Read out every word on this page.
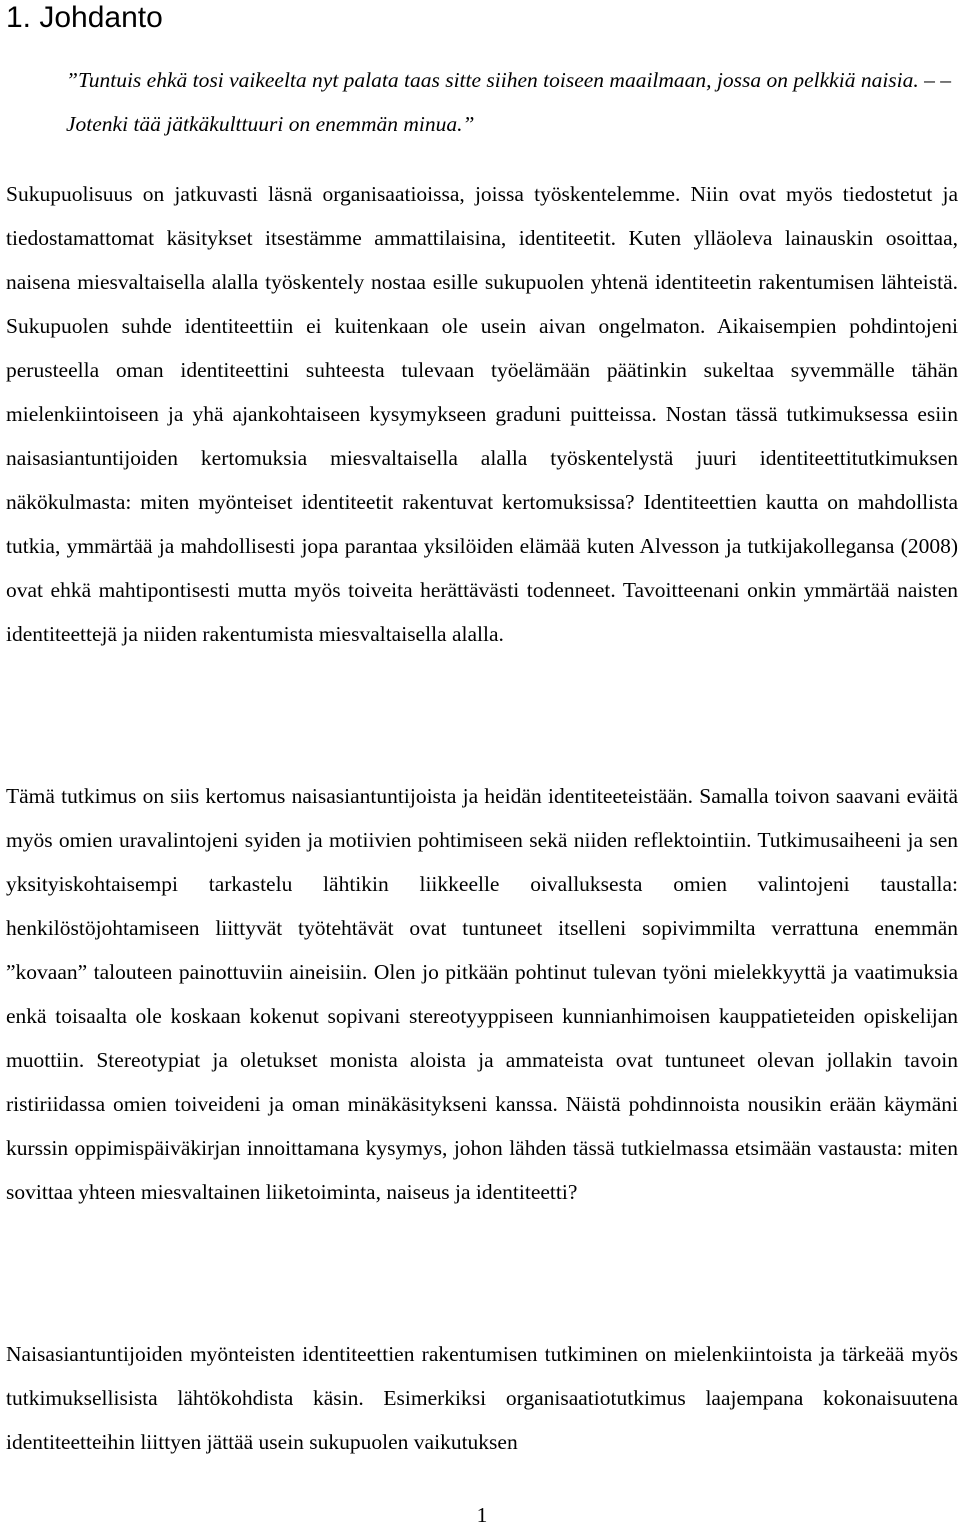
1. Johdanto

”Tuntuis ehkä tosi vaikeelta nyt palata taas sitte siihen toiseen maailmaan, jossa on pelkkiä naisia. – – Jotenki tää jätkäkulttuuri on enemmän minua.”

Sukupuolisuus on jatkuvasti läsnä organisaatioissa, joissa työskentelemme. Niin ovat myös tiedostetut ja tiedostamattomat käsitykset itsestämme ammattilaisina, identiteetit. Kuten ylläoleva lainauskin osoittaa, naisena miesvaltaisella alalla työskentely nostaa esille sukupuolen yhtenä identiteetin rakentumisen lähteistä. Sukupuolen suhde identiteettiin ei kuitenkaan ole usein aivan ongelmaton. Aikaisempien pohdintojeni perusteella oman identiteettini suhteesta tulevaan työelämään päätinkin sukeltaa syvemmälle tähän mielenkiintoiseen ja yhä ajankohtaiseen kysymykseen graduni puitteissa. Nostan tässä tutkimuksessa esiin naisasiantuntijoiden kertomuksia miesvaltaisella alalla työskentelystä juuri identiteettitutkimuksen näkökulmasta: miten myönteiset identiteetit rakentuvat kertomuksissa? Identiteettien kautta on mahdollista tutkia, ymmärtää ja mahdollisesti jopa parantaa yksilöiden elämää kuten Alvesson ja tutkijakollegansa (2008) ovat ehkä mahtipontisesti mutta myös toiveita herättävästi todenneet. Tavoitteenani onkin ymmärtää naisten identiteettejä ja niiden rakentumista miesvaltaisella alalla.

Tämä tutkimus on siis kertomus naisasiantuntijoista ja heidän identiteeteistään. Samalla toivon saavani eväitä myös omien uravalintojeni syiden ja motiivien pohtimiseen sekä niiden reflektointiin. Tutkimusaiheeni ja sen yksityiskohtaisempi tarkastelu lähtikin liikkeelle oivalluksesta omien valintojeni taustalla: henkilöstöjohtamiseen liittyvät työtehtävät ovat tuntuneet itselleni sopivimmilta verrattuna enemmän ”kovaan” talouteen painottuviin aineisiin. Olen jo pitkään pohtinut tulevan työni mielekkyyttä ja vaatimuksia enkä toisaalta ole koskaan kokenut sopivani stereotyyppiseen kunnianhimoisen kauppatieteiden opiskelijan muottiin. Stereotypiat ja oletukset monista aloista ja ammateista ovat tuntuneet olevan jollakin tavoin ristiriidassa omien toiveideni ja oman minäkäsitykseni kanssa. Näistä pohdinnoista nousikin erään käymäni kurssin oppimispäiväkirjan innoittamana kysymys, johon lähden tässä tutkielmassa etsimään vastausta: miten sovittaa yhteen miesvaltainen liiketoiminta, naiseus ja identiteetti?

Naisasiantuntijoiden myönteisten identiteettien rakentumisen tutkiminen on mielenkiintoista ja tärkeää myös tutkimuksellisista lähtökohdista käsin. Esimerkiksi organisaatiotutkimus laajempana kokonaisuutena identiteetteihin liittyen jättää usein sukupuolen vaikutuksen

1
